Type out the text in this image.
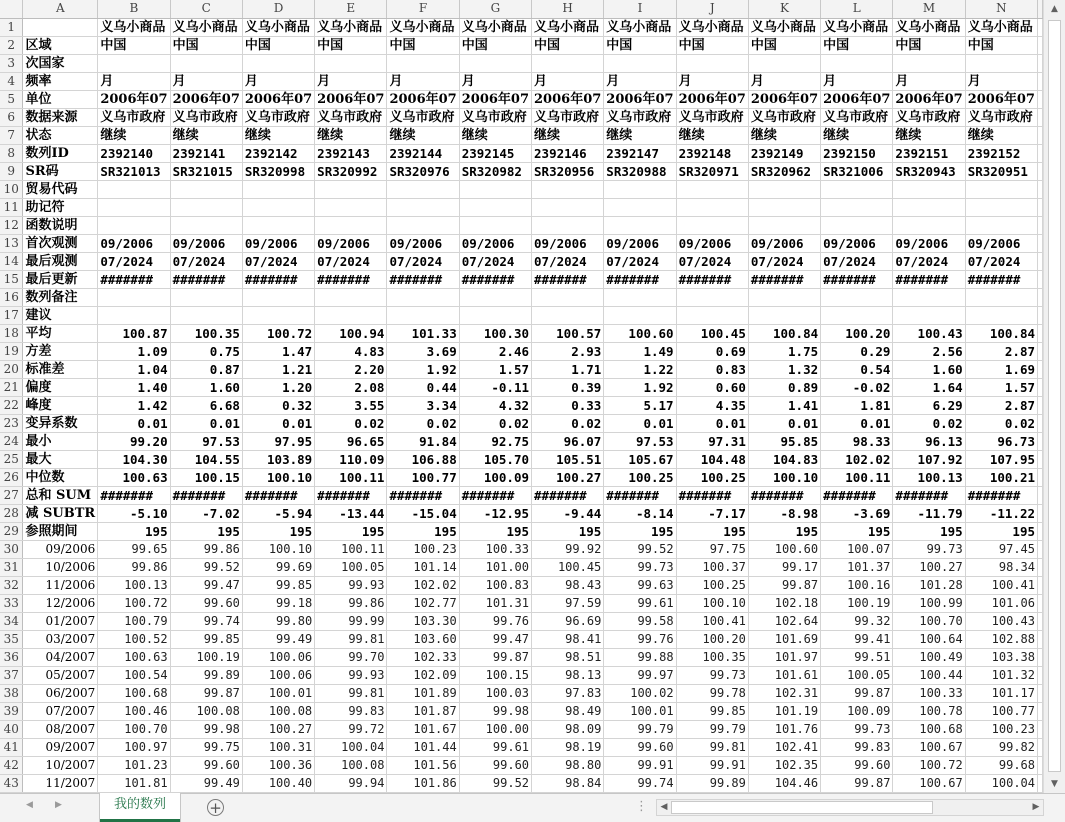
	A	B	C	D	E	F	G	H	I	J	K	L	M	N	
1		义乌小商品	义乌小商品	义乌小商品	义乌小商品	义乌小商品	义乌小商品	义乌小商品	义乌小商品	义乌小商品	义乌小商品	义乌小商品	义乌小商品	义乌小商品	
2	区域	中国	中国	中国	中国	中国	中国	中国	中国	中国	中国	中国	中国	中国	
3	次国家														
4	频率	月	月	月	月	月	月	月	月	月	月	月	月	月	
5	单位	2006年07	2006年07	2006年07	2006年07	2006年07	2006年07	2006年07	2006年07	2006年07	2006年07	2006年07	2006年07	2006年07	
6	数据来源	义乌市政府	义乌市政府	义乌市政府	义乌市政府	义乌市政府	义乌市政府	义乌市政府	义乌市政府	义乌市政府	义乌市政府	义乌市政府	义乌市政府	义乌市政府	
7	状态	继续	继续	继续	继续	继续	继续	继续	继续	继续	继续	继续	继续	继续	
8	数列ID	2392140	2392141	2392142	2392143	2392144	2392145	2392146	2392147	2392148	2392149	2392150	2392151	2392152	
9	SR码	SR321013	SR321015	SR320998	SR320992	SR320976	SR320982	SR320956	SR320988	SR320971	SR320962	SR321006	SR320943	SR320951	
10	贸易代码														
11	助记符														
12	函数说明														
13	首次观测	09/2006	09/2006	09/2006	09/2006	09/2006	09/2006	09/2006	09/2006	09/2006	09/2006	09/2006	09/2006	09/2006	
14	最后观测	07/2024	07/2024	07/2024	07/2024	07/2024	07/2024	07/2024	07/2024	07/2024	07/2024	07/2024	07/2024	07/2024	
15	最后更新	#######	#######	#######	#######	#######	#######	#######	#######	#######	#######	#######	#######	#######	
16	数列备注														
17	建议														
18	平均	100.87	100.35	100.72	100.94	101.33	100.30	100.57	100.60	100.45	100.84	100.20	100.43	100.84	
19	方差	1.09	0.75	1.47	4.83	3.69	2.46	2.93	1.49	0.69	1.75	0.29	2.56	2.87	
20	标准差	1.04	0.87	1.21	2.20	1.92	1.57	1.71	1.22	0.83	1.32	0.54	1.60	1.69	
21	偏度	1.40	1.60	1.20	2.08	0.44	-0.11	0.39	1.92	0.60	0.89	-0.02	1.64	1.57	
22	峰度	1.42	6.68	0.32	3.55	3.34	4.32	0.33	5.17	4.35	1.41	1.81	6.29	2.87	
23	变异系数	0.01	0.01	0.01	0.02	0.02	0.02	0.02	0.01	0.01	0.01	0.01	0.02	0.02	
24	最小	99.20	97.53	97.95	96.65	91.84	92.75	96.07	97.53	97.31	95.85	98.33	96.13	96.73	
25	最大	104.30	104.55	103.89	110.09	106.88	105.70	105.51	105.67	104.48	104.83	102.02	107.92	107.95	
26	中位数	100.63	100.15	100.10	100.11	100.77	100.09	100.27	100.25	100.25	100.10	100.11	100.13	100.21	
27	总和 SUM	#######	#######	#######	#######	#######	#######	#######	#######	#######	#######	#######	#######	#######	
28	减 SUBTR	-5.10	-7.02	-5.94	-13.44	-15.04	-12.95	-9.44	-8.14	-7.17	-8.98	-3.69	-11.79	-11.22	
29	参照期间	195	195	195	195	195	195	195	195	195	195	195	195	195	
30	09/2006	99.65	99.86	100.10	100.11	100.23	100.33	99.92	99.52	97.75	100.60	100.07	99.73	97.45	
31	10/2006	99.86	99.52	99.69	100.05	101.14	101.00	100.45	99.73	100.37	99.17	101.37	100.27	98.34	
32	11/2006	100.13	99.47	99.85	99.93	102.02	100.83	98.43	99.63	100.25	99.87	100.16	101.28	100.41	
33	12/2006	100.72	99.60	99.18	99.86	102.77	101.31	97.59	99.61	100.10	102.18	100.19	100.99	101.06	
34	01/2007	100.79	99.74	99.80	99.99	103.30	99.76	96.69	99.58	100.41	102.64	99.32	100.70	100.43	
35	03/2007	100.52	99.85	99.49	99.81	103.60	99.47	98.41	99.76	100.20	101.69	99.41	100.64	102.88	
36	04/2007	100.63	100.19	100.06	99.70	102.33	99.87	98.51	99.88	100.35	101.97	99.51	100.49	103.38	
37	05/2007	100.54	99.89	100.06	99.93	102.09	100.15	98.13	99.97	99.73	101.61	100.05	100.44	101.32	
38	06/2007	100.68	99.87	100.01	99.81	101.89	100.03	97.83	100.02	99.78	102.31	99.87	100.33	101.17	
39	07/2007	100.46	100.08	100.08	99.83	101.87	99.98	98.49	100.01	99.85	101.19	100.09	100.78	100.77	
40	08/2007	100.70	99.98	100.27	99.72	101.67	100.00	98.09	99.79	99.79	101.76	99.73	100.68	100.23	
41	09/2007	100.97	99.75	100.31	100.04	101.44	99.61	98.19	99.60	99.81	102.41	99.83	100.67	99.82	
42	10/2007	101.23	99.60	100.36	100.08	101.56	99.60	98.80	99.91	99.91	102.35	99.60	100.72	99.68	
43	11/2007	101.81	99.49	100.40	99.94	101.86	99.52	98.84	99.74	99.89	104.46	99.87	100.67	100.04	
▲
▼
◀ ▶	我的数列	+	⋮	◀	▶
